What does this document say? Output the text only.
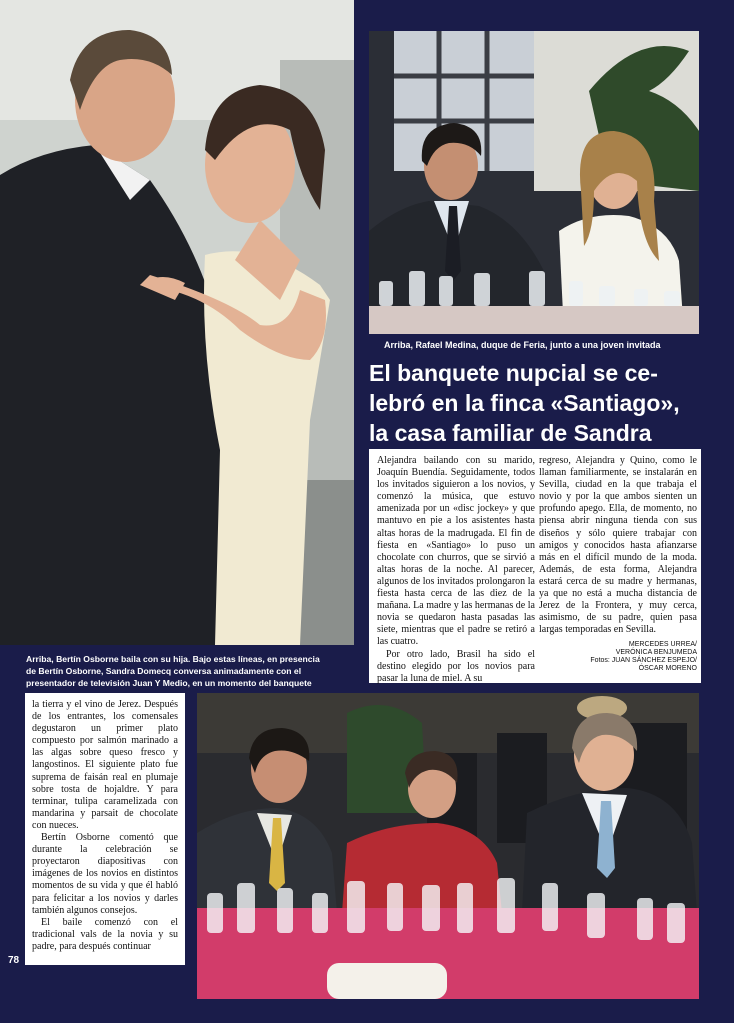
Arriba, Rafael Medina, duque de Feria, junto a una joven invitada
El banquete nupcial se ce-
lebró en la finca «Santiago»,
la casa familiar de Sandra

Alejandra bailando con su marido, Joaquín Buendía. Seguidamente, todos los invitados siguieron a los novios, y comenzó la música, que estuvo amenizada por un «disc jockey» y que mantuvo en pie a los asistentes hasta altas horas de la madrugada. El fin de fiesta en «Santiago» lo puso un chocolate con churros, que se sirvió a altas horas de la noche. Al parecer, algunos de los invitados prolongaron la fiesta hasta cerca de las diez de la mañana. La madre y las hermanas de la novia se quedaron hasta pasadas las siete, mientras que el padre se retiró a las cuatro.

Por otro lado, Brasil ha sido el destino elegido por los novios para pasar la luna de miel. A su

regreso, Alejandra y Quino, como le llaman familiarmente, se instalarán en Sevilla, ciudad en la que trabaja el novio y por la que ambos sienten un profundo apego. Ella, de momento, no piensa abrir ninguna tienda con sus diseños y sólo quiere trabajar con amigos y conocidos hasta afianzarse más en el difícil mundo de la moda. Además, de esta forma, Alejandra estará cerca de su madre y hermanas, ya que no está a mucha distancia de Jerez de la Frontera, y muy cerca, asimismo, de su padre, quien pasa largas temporadas en Sevilla.

MERCEDES URREA/
VERÓNICA BENJUMEDA
Fotos: JUAN SÁNCHEZ ESPEJO/
ÓSCAR MORENO
Arriba, Bertín Osborne baila con su hija. Bajo estas líneas, en presencia
de Bertín Osborne, Sandra Domecq conversa animadamente con el
presentador de televisión Juan Y Medio, en un momento del banquete

la tierra y el vino de Jerez. Después de los entrantes, los comensales degustaron un primer plato compuesto por salmón marinado a las algas sobre queso fresco y langostinos. El siguiente plato fue suprema de faisán real en plumaje sobre tosta de hojaldre. Y para terminar, tulipa caramelizada con mandarina y parsait de chocolate con nueces.

Bertín Osborne comentó que durante la celebración se proyectaron diapositivas con imágenes de los novios en distintos momentos de su vida y que él habló para felicitar a los novios y darles también algunos consejos.

El baile comenzó con el tradicional vals de la novia y su padre, para después continuar

78
